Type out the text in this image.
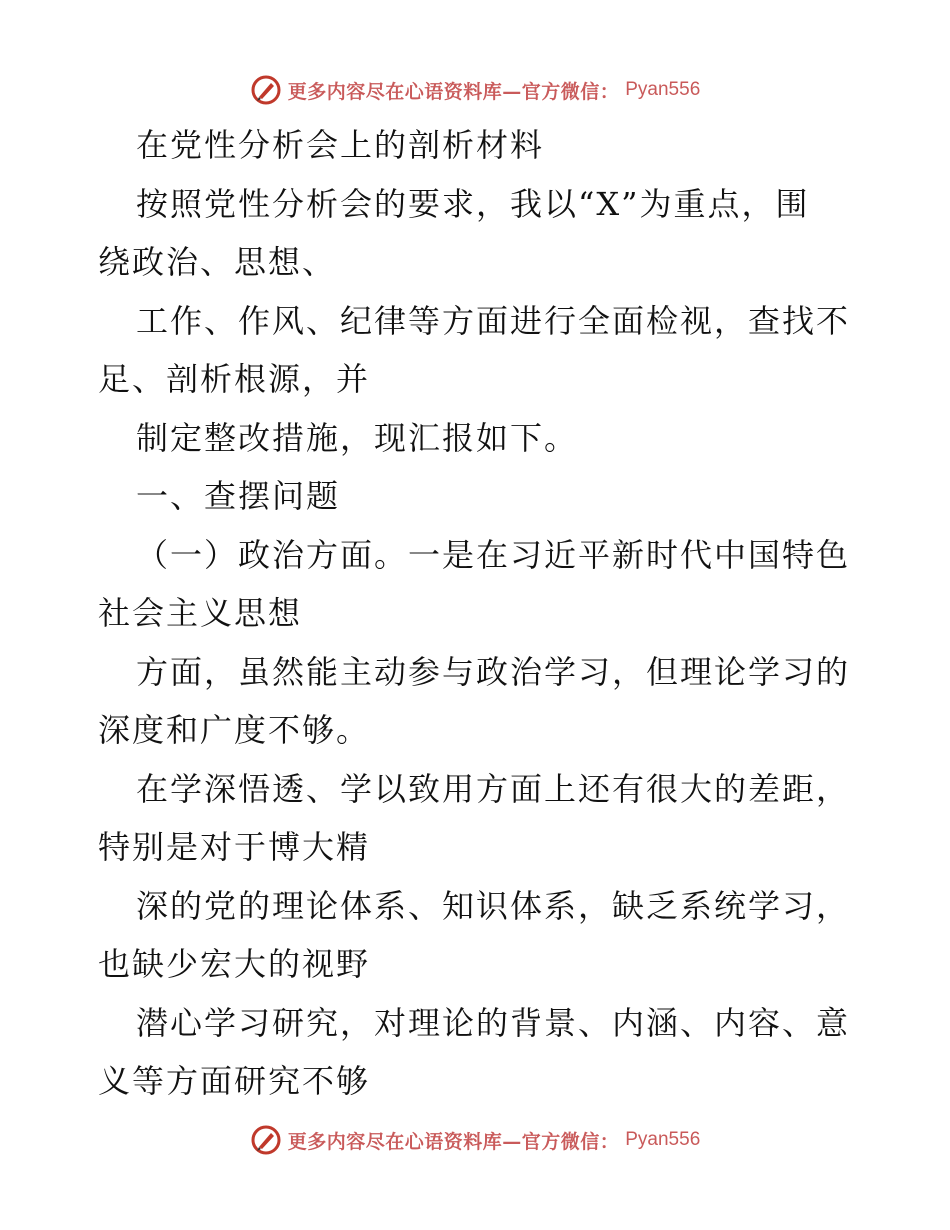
更多内容尽在心语资料库—官方微信： Pyan556
在党性分析会上的剖析材料
按照党性分析会的要求，我以“X”为重点，围
绕政治、思想、
工作、作风、纪律等方面进行全面检视，查找不
足、剖析根源，并
制定整改措施，现汇报如下。
一、查摆问题
（一）政治方面。一是在习近平新时代中国特色
社会主义思想
方面，虽然能主动参与政治学习，但理论学习的
深度和广度不够。
在学深悟透、学以致用方面上还有很大的差距，
特别是对于博大精
深的党的理论体系、知识体系，缺乏系统学习，
也缺少宏大的视野
潜心学习研究，对理论的背景、内涵、内容、意
义等方面研究不够
更多内容尽在心语资料库—官方微信： Pyan556
